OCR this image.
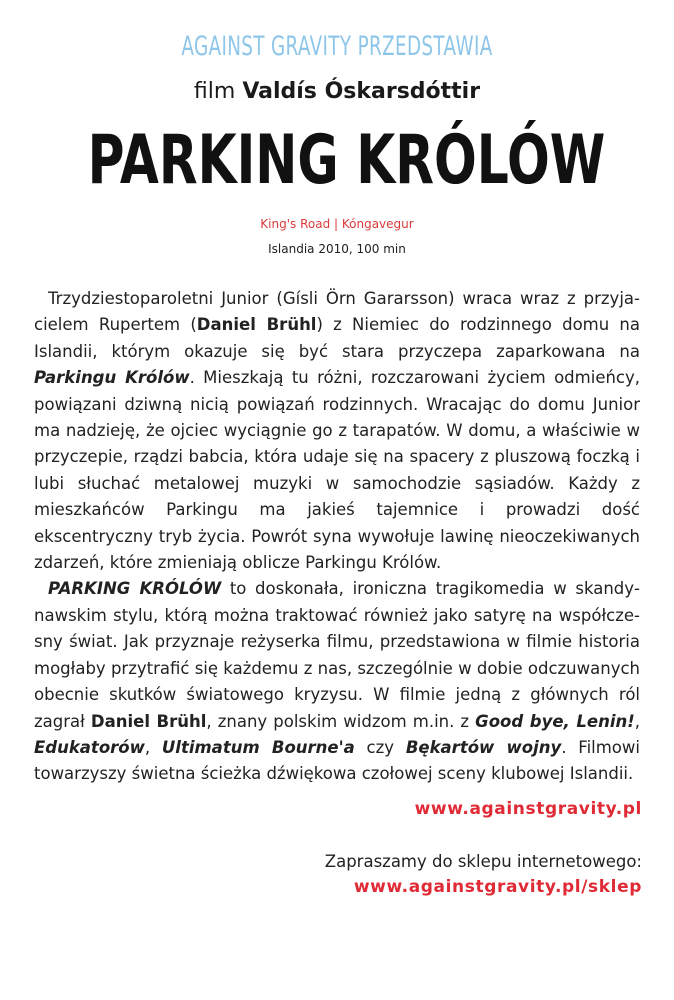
AGAINST GRAVITY PRZEDSTAWIA
film Valdís Óskarsdóttir
PARKING KRÓLÓW
King's Road | Kóngavegur
Islandia 2010, 100 min

Trzydziestoparoletni Junior (Gísli Örn Gararsson) wraca wraz z przyjacielem Rupertem (Daniel Brühl) z Niemiec do rodzinnego domu na Islandii, którym okazuje się być stara przyczepa zaparkowana na Parkingu Królów. Mieszkają tu różni, rozczarowani życiem odmieńcy, powiązani dziwną nicią powiązań rodzinnych. Wracając do domu Junior ma nadzieję, że ojciec wyciągnie go z tarapatów. W domu, a właściwie w przyczepie, rządzi babcia, która udaje się na spacery z pluszową foczką i lubi słuchać metalowej muzyki w samochodzie sąsiadów. Każdy z mieszkańców Parkingu ma jakieś tajemnice i prowadzi dość ekscentryczny tryb życia. Powrót syna wywołuje lawinę nieoczekiwanych zdarzeń, które zmieniają oblicze Parkingu Królów.

PARKING KRÓLÓW to doskonała, ironiczna tragikomedia w skandynawskim stylu, którą można traktować również jako satyrę na współczesny świat. Jak przyznaje reżyserka filmu, przedstawiona w filmie historia mogłaby przytrafić się każdemu z nas, szczególnie w dobie odczuwanych obecnie skutków światowego kryzysu. W filmie jedną z głównych ról zagrał Daniel Brühl, znany polskim widzom m.in. z Good bye, Lenin!, Edukatorów, Ultimatum Bourne'a czy Bękartów wojny. Filmowi towarzyszy świetna ścieżka dźwiękowa czołowej sceny klubowej Islandii.

www.againstgravity.pl
Zapraszamy do sklepu internetowego:
www.againstgravity.pl/sklep
